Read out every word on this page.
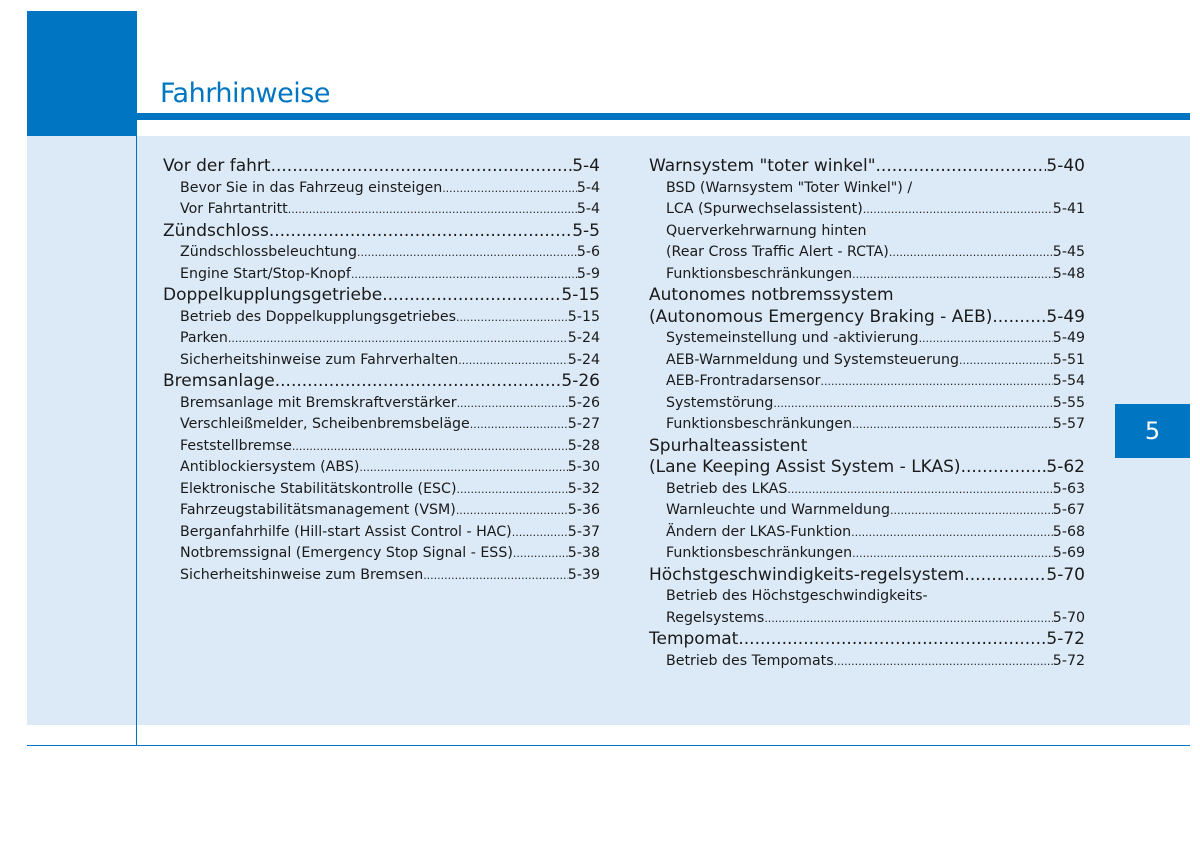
Fahrhinweise
5
Vor der fahrt .....	5-4
Bevor Sie in das Fahrzeug einsteigen .....	5-4
Vor Fahrtantritt .....	5-4
Zündschloss .....	5-5
Zündschlossbeleuchtung .....	5-6
Engine Start/Stop-Knopf .....	5-9
Doppelkupplungsgetriebe .....	5-15
Betrieb des Doppelkupplungsgetriebes .....	5-15
Parken .....	5-24
Sicherheitshinweise zum Fahrverhalten .....	5-24
Bremsanlage .....	5-26
Bremsanlage mit Bremskraftverstärker .....	5-26
Verschleißmelder, Scheibenbremsbeläge .....	5-27
Feststellbremse .....	5-28
Antiblockiersystem (ABS) .....	5-30
Elektronische Stabilitätskontrolle (ESC) .....	5-32
Fahrzeugstabilitätsmanagement (VSM) .....	5-36
Berganfahrhilfe (Hill-start Assist Control - HAC) .....	5-37
Notbremssignal (Emergency Stop Signal - ESS) .....	5-38
Sicherheitshinweise zum Bremsen .....	5-39
Warnsystem "toter winkel" .....	5-40
BSD (Warnsystem "Toter Winkel") /
LCA (Spurwechselassistent) .....	5-41
Querverkehrwarnung hinten
(Rear Cross Traffic Alert - RCTA) .....	5-45
Funktionsbeschränkungen .....	5-48
Autonomes notbremssystem
(Autonomous Emergency Braking - AEB) .....	5-49
Systemeinstellung und -aktivierung .....	5-49
AEB-Warnmeldung und Systemsteuerung .....	5-51
AEB-Frontradarsensor .....	5-54
Systemstörung .....	5-55
Funktionsbeschränkungen .....	5-57
Spurhalteassistent
(Lane Keeping Assist System - LKAS) .....	5-62
Betrieb des LKAS .....	5-63
Warnleuchte und Warnmeldung .....	5-67
Ändern der LKAS-Funktion .....	5-68
Funktionsbeschränkungen .....	5-69
Höchstgeschwindigkeits-regelsystem .....	5-70
Betrieb des Höchstgeschwindigkeits-
Regelsystems .....	5-70
Tempomat .....	5-72
Betrieb des Tempomats .....	5-72
